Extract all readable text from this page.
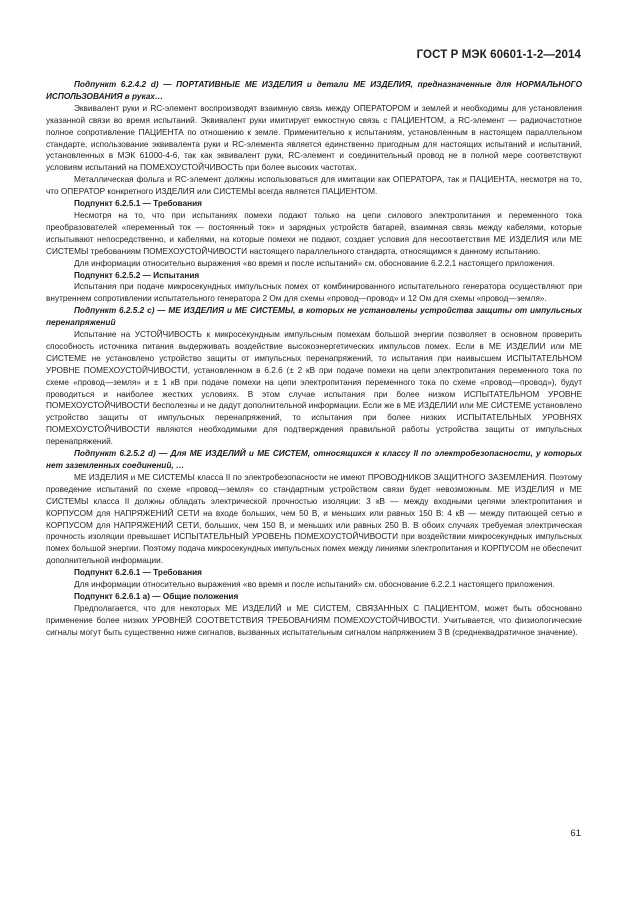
ГОСТ Р МЭК 60601-1-2—2014

Подпункт 6.2.4.2 d) — ПОРТАТИВНЫЕ МЕ ИЗДЕЛИЯ и детали МЕ ИЗДЕЛИЯ, предназначенные для НОРМАЛЬНОГО ИСПОЛЬЗОВАНИЯ в руках…

Эквивалент руки и RC-элемент воспроизводят взаимную связь между ОПЕРАТОРОМ и землей и необходимы для установления указанной связи во время испытаний. Эквивалент руки имитирует емкостную связь с ПАЦИЕНТОМ, а RC-элемент — радиочастотное полное сопротивление ПАЦИЕНТА по отношению к земле. Применительно к испытаниям, установленным в настоящем параллельном стандарте, использование эквивалента руки и RC-элемента является единственно пригодным для настоящих испытаний и испытаний, установленных в МЭК 61000-4-6, так как эквивалент руки, RC-элемент и соединительный провод не в полной мере соответствуют условиям испытаний на ПОМЕХОУСТОЙЧИВОСТЬ при более высоких частотах.

Металлическая фольга и RC-элемент должны использоваться для имитации как ОПЕРАТОРА, так и ПАЦИЕНТА, несмотря на то, что ОПЕРАТОР конкретного ИЗДЕЛИЯ или СИСТЕМЫ всегда является ПАЦИЕНТОМ.

Подпункт 6.2.5.1 — Требования

Несмотря на то, что при испытаниях помехи подают только на цепи силового электропитания и переменного тока преобразователей «переменный ток — постоянный ток» и зарядных устройств батарей, взаимная связь между кабелями, которые испытывают непосредственно, и кабелями, на которые помехи не подают, создает условия для несоответствия МЕ ИЗДЕЛИЯ или МЕ СИСТЕМЫ требованиям ПОМЕХОУСТОЙЧИВОСТИ настоящего параллельного стандарта, относящимся к данному испытанию.

Для информации относительно выражения «во время и после испытаний» см. обоснование 6.2.2.1 настоящего приложения.

Подпункт 6.2.5.2 — Испытания

Испытания при подаче микросекундных импульсных помех от комбинированного испытательного генератора осуществляют при внутреннем сопротивлении испытательного генератора 2 Ом для схемы «провод—провод» и 12 Ом для схемы «провод—земля».

Подпункт 6.2.5.2 c) — МЕ ИЗДЕЛИЯ и МЕ СИСТЕМЫ, в которых не установлены устройства защиты от импульсных перенапряжений

Испытание на УСТОЙЧИВОСТЬ к микросекундным импульсным помехам большой энергии позволяет в основном проверить способность источника питания выдерживать воздействие высокоэнергетических импульсов помех. Если в МЕ ИЗДЕЛИИ или МЕ СИСТЕМЕ не установлено устройство защиты от импульсных перенапряжений, то испытания при наивысшем ИСПЫТАТЕЛЬНОМ УРОВНЕ ПОМЕХОУСТОЙЧИВОСТИ, установленном в 6.2.6 (± 2 кВ при подаче помехи на цепи электропитания переменного тока по схеме «провод—земля» и ± 1 кВ при подаче помехи на цепи электропитания переменного тока по схеме «провод—провод»), будут проводиться и наиболее жестких условиях. В этом случае испытания при более низком ИСПЫТАТЕЛЬНОМ УРОВНЕ ПОМЕХОУСТОЙЧИВОСТИ бесполезны и не дадут дополнительной информации. Если же в МЕ ИЗДЕЛИИ или МЕ СИСТЕМЕ установлено устройство защиты от импульсных перенапряжений, то испытания при более низких ИСПЫТАТЕЛЬНЫХ УРОВНЯХ ПОМЕХОУСТОЙЧИВОСТИ являются необходимыми для подтверждения правильной работы устройства защиты от импульсных перенапряжений.

Подпункт 6.2.5.2 d) — Для МЕ ИЗДЕЛИЙ и МЕ СИСТЕМ, относящихся к классу II по электробезопасности, у которых нет заземленных соединений, …

МЕ ИЗДЕЛИЯ и МЕ СИСТЕМЫ класса II по электробезопасности не имеют ПРОВОДНИКОВ ЗАЩИТНОГО ЗАЗЕМЛЕНИЯ. Поэтому проведение испытаний по схеме «провод—земля» со стандартным устройством связи будет невозможным. МЕ ИЗДЕЛИЯ и МЕ СИСТЕМЫ класса II должны обладать электрической прочностью изоляции: 3 кВ — между входными цепями электропитания и КОРПУСОМ для НАПРЯЖЕНИЙ СЕТИ на входе больших, чем 50 В, и меньших или равных 150 В: 4 кВ — между питающей сетью и КОРПУСОМ для НАПРЯЖЕНИЙ СЕТИ, больших, чем 150 В, и меньших или равных 250 В. В обоих случаях требуемая электрическая прочность изоляции превышает ИСПЫТАТЕЛЬНЫЙ УРОВЕНЬ ПОМЕХОУСТОЙЧИВОСТИ при воздействии микросекундных импульсных помех большой энергии. Поэтому подача микросекундных импульсных помех между линиями электропитания и КОРПУСОМ не обеспечит дополнительной информации.

Подпункт 6.2.6.1 — Требования

Для информации относительно выражения «во время и после испытаний» см. обоснование 6.2.2.1 настоящего приложения.

Подпункт 6.2.6.1 a) — Общие положения

Предполагается, что для некоторых МЕ ИЗДЕЛИЙ и МЕ СИСТЕМ, СВЯЗАННЫХ С ПАЦИЕНТОМ, может быть обосновано применение более низких УРОВНЕЙ СООТВЕТСТВИЯ ТРЕБОВАНИЯМ ПОМЕХОУСТОЙЧИВОСТИ. Учитывается, что физиологические сигналы могут быть существенно ниже сигналов, вызванных испытательным сигналом напряжением 3 В (среднеквадратичное значение).

61
